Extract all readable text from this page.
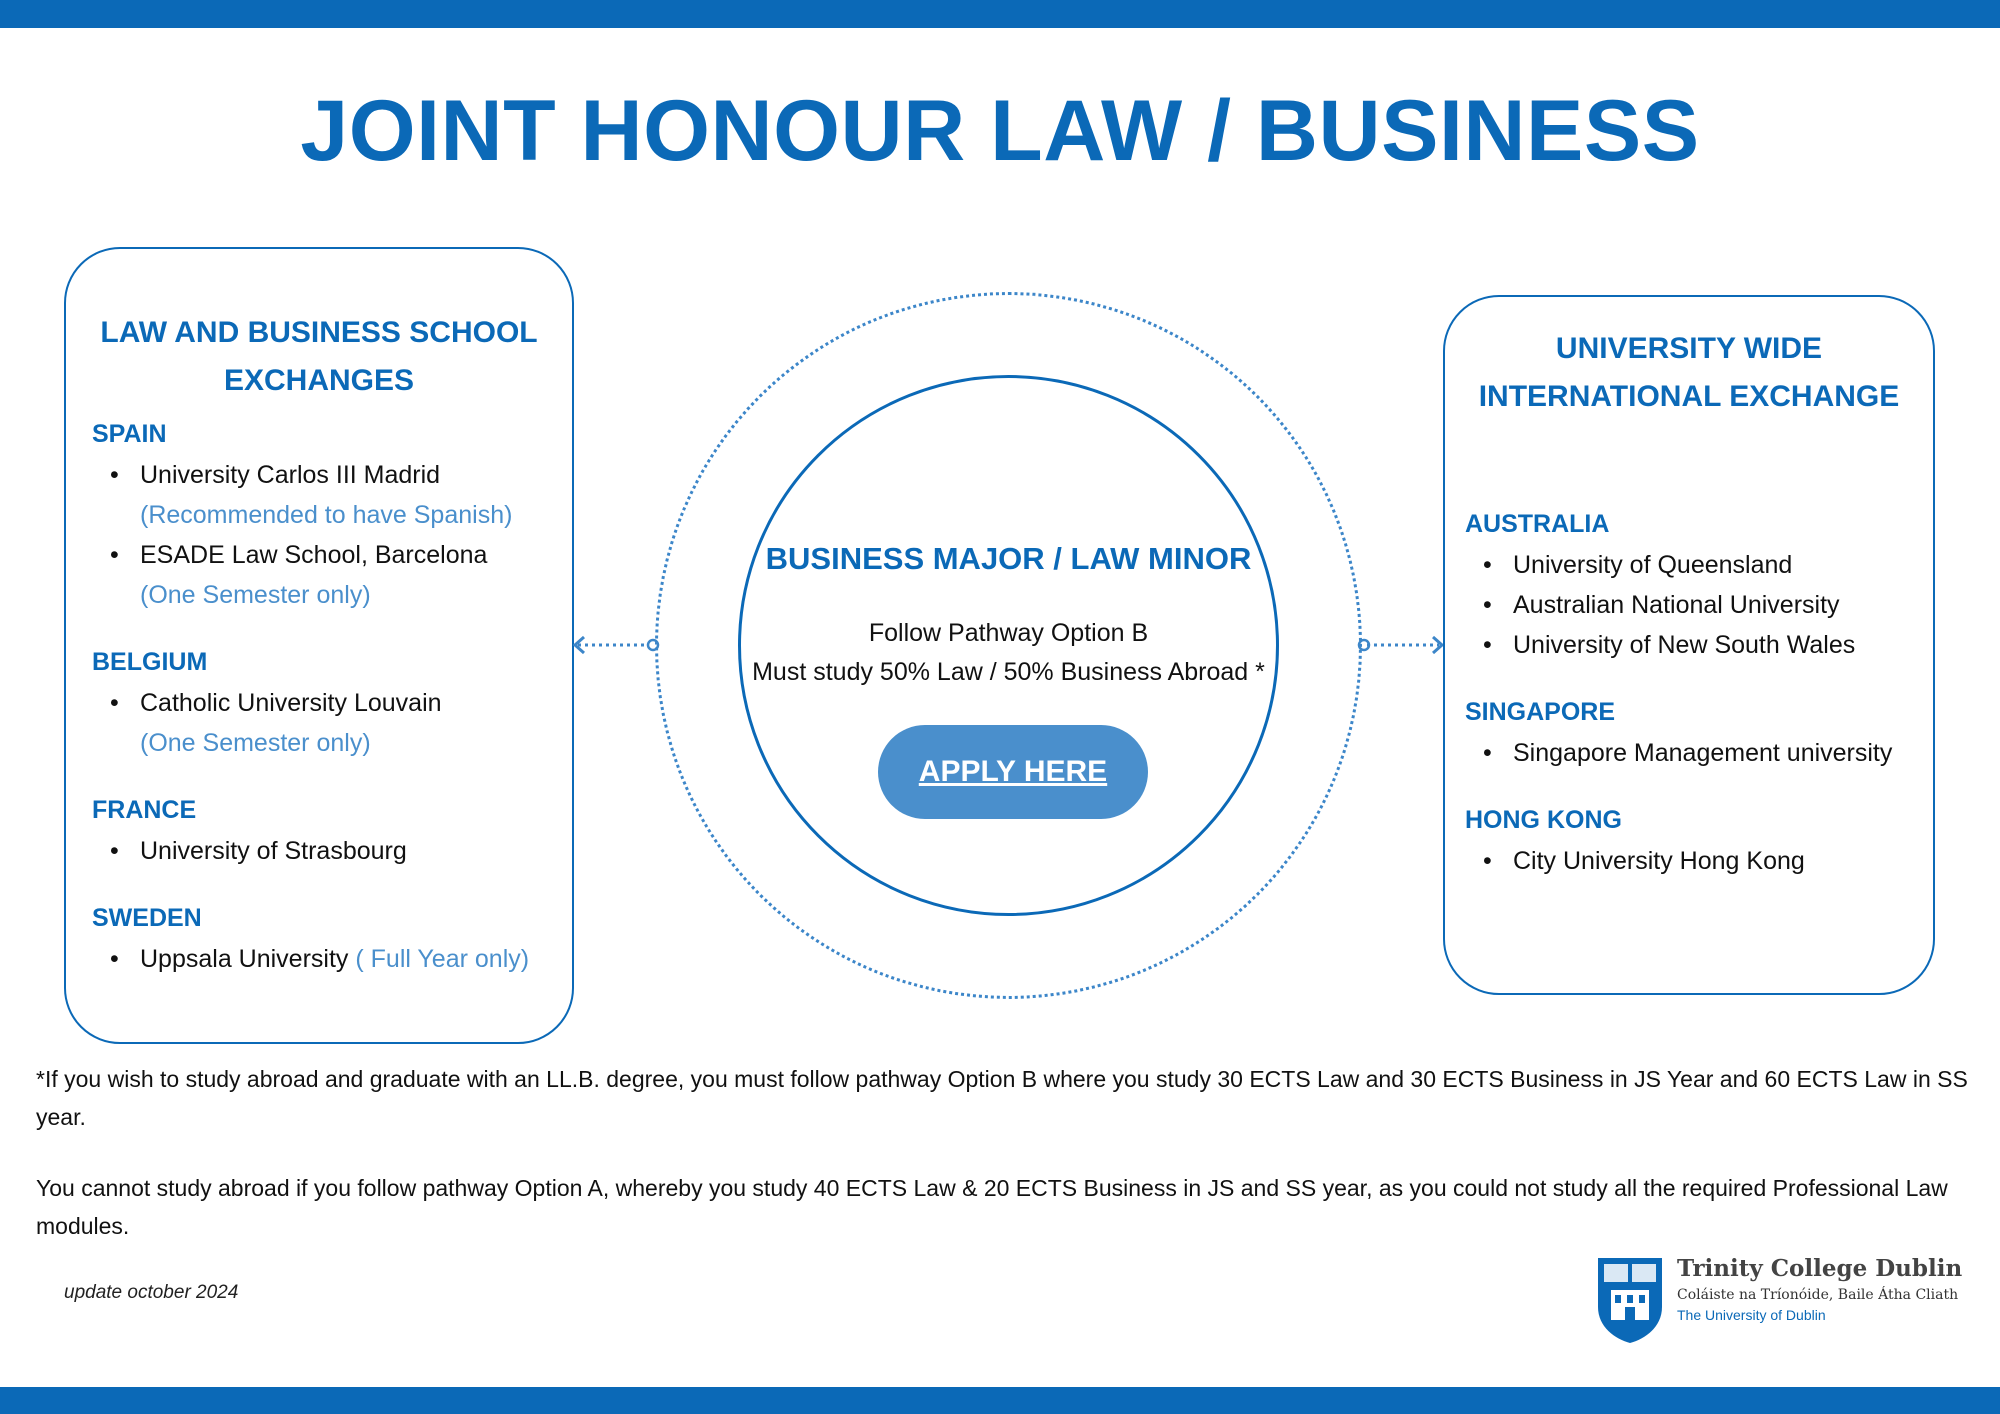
JOINT HONOUR LAW / BUSINESS
LAW AND BUSINESS SCHOOL
EXCHANGES
SPAIN
• University Carlos III Madrid
(Recommended to have Spanish)
• ESADE Law School, Barcelona
(One Semester only)
BELGIUM
• Catholic University Louvain
(One Semester only)
FRANCE
• University of Strasbourg
SWEDEN
• Uppsala University ( Full Year only)
BUSINESS MAJOR / LAW MINOR
Follow Pathway Option B
Must study 50% Law / 50% Business Abroad *
APPLY HERE
UNIVERSITY WIDE
INTERNATIONAL EXCHANGE
AUSTRALIA
• University of Queensland
• Australian National University
• University of New South Wales
SINGAPORE
• Singapore Management university
HONG KONG
• City University Hong Kong

*If you wish to study abroad and graduate with an LL.B. degree, you must follow pathway Option B where you study 30 ECTS Law and 30 ECTS Business in JS Year and 60 ECTS Law in SS year.

You cannot study abroad if you follow pathway Option A, whereby you study 40 ECTS Law & 20 ECTS Business in JS and SS year, as you could not study all the required Professional Law modules.

update october 2024
Trinity College Dublin
Coláiste na Tríonóide, Baile Átha Cliath
The University of Dublin
